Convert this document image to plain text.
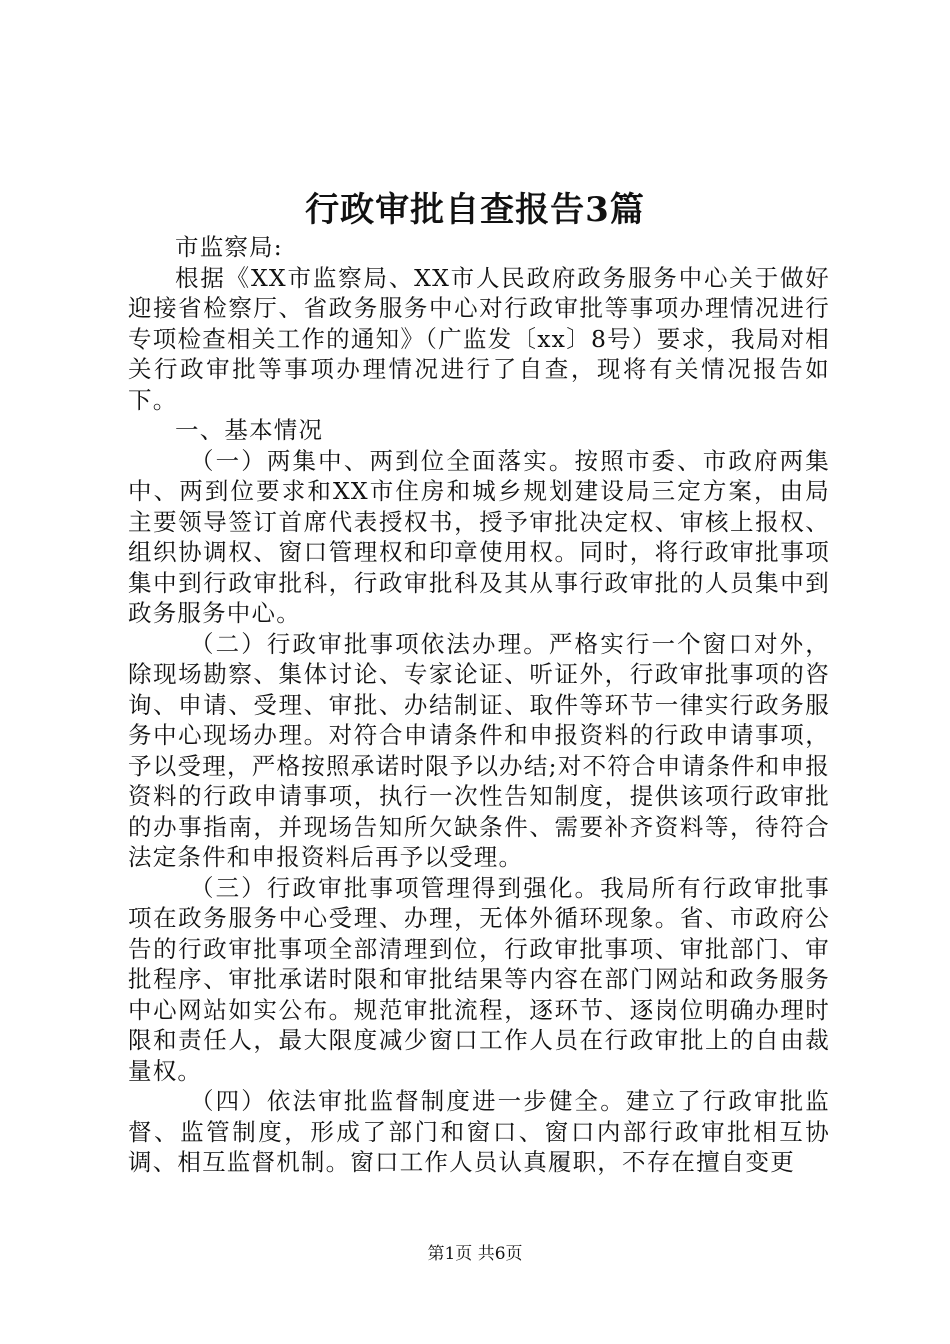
行政审批自查报告3篇

市监察局:

根据《XX市监察局、XX市人民政府政务服务中心关于做好迎接省检察厅、省政务服务中心对行政审批等事项办理情况进行专项检查相关工作的通知》（广监发〔xx〕8号）要求，我局对相关行政审批等事项办理情况进行了自查，现将有关情况报告如下。

一、基本情况

（一）两集中、两到位全面落实。按照市委、市政府两集中、两到位要求和XX市住房和城乡规划建设局三定方案，由局主要领导签订首席代表授权书，授予审批决定权、审核上报权、组织协调权、窗口管理权和印章使用权。同时，将行政审批事项集中到行政审批科，行政审批科及其从事行政审批的人员集中到政务服务中心。

（二）行政审批事项依法办理。严格实行一个窗口对外，除现场勘察、集体讨论、专家论证、听证外，行政审批事项的咨询、申请、受理、审批、办结制证、取件等环节一律实行政务服务中心现场办理。对符合申请条件和申报资料的行政申请事项，予以受理，严格按照承诺时限予以办结;对不符合申请条件和申报资料的行政申请事项，执行一次性告知制度，提供该项行政审批的办事指南，并现场告知所欠缺条件、需要补齐资料等，待符合法定条件和申报资料后再予以受理。

（三）行政审批事项管理得到强化。我局所有行政审批事项在政务服务中心受理、办理，无体外循环现象。省、市政府公告的行政审批事项全部清理到位，行政审批事项、审批部门、审批程序、审批承诺时限和审批结果等内容在部门网站和政务服务中心网站如实公布。规范审批流程，逐环节、逐岗位明确办理时限和责任人，最大限度减少窗口工作人员在行政审批上的自由裁量权。

（四）依法审批监督制度进一步健全。建立了行政审批监督、监管制度，形成了部门和窗口、窗口内部行政审批相互协调、相互监督机制。窗口工作人员认真履职，不存在擅自变更

第1页 共6页
